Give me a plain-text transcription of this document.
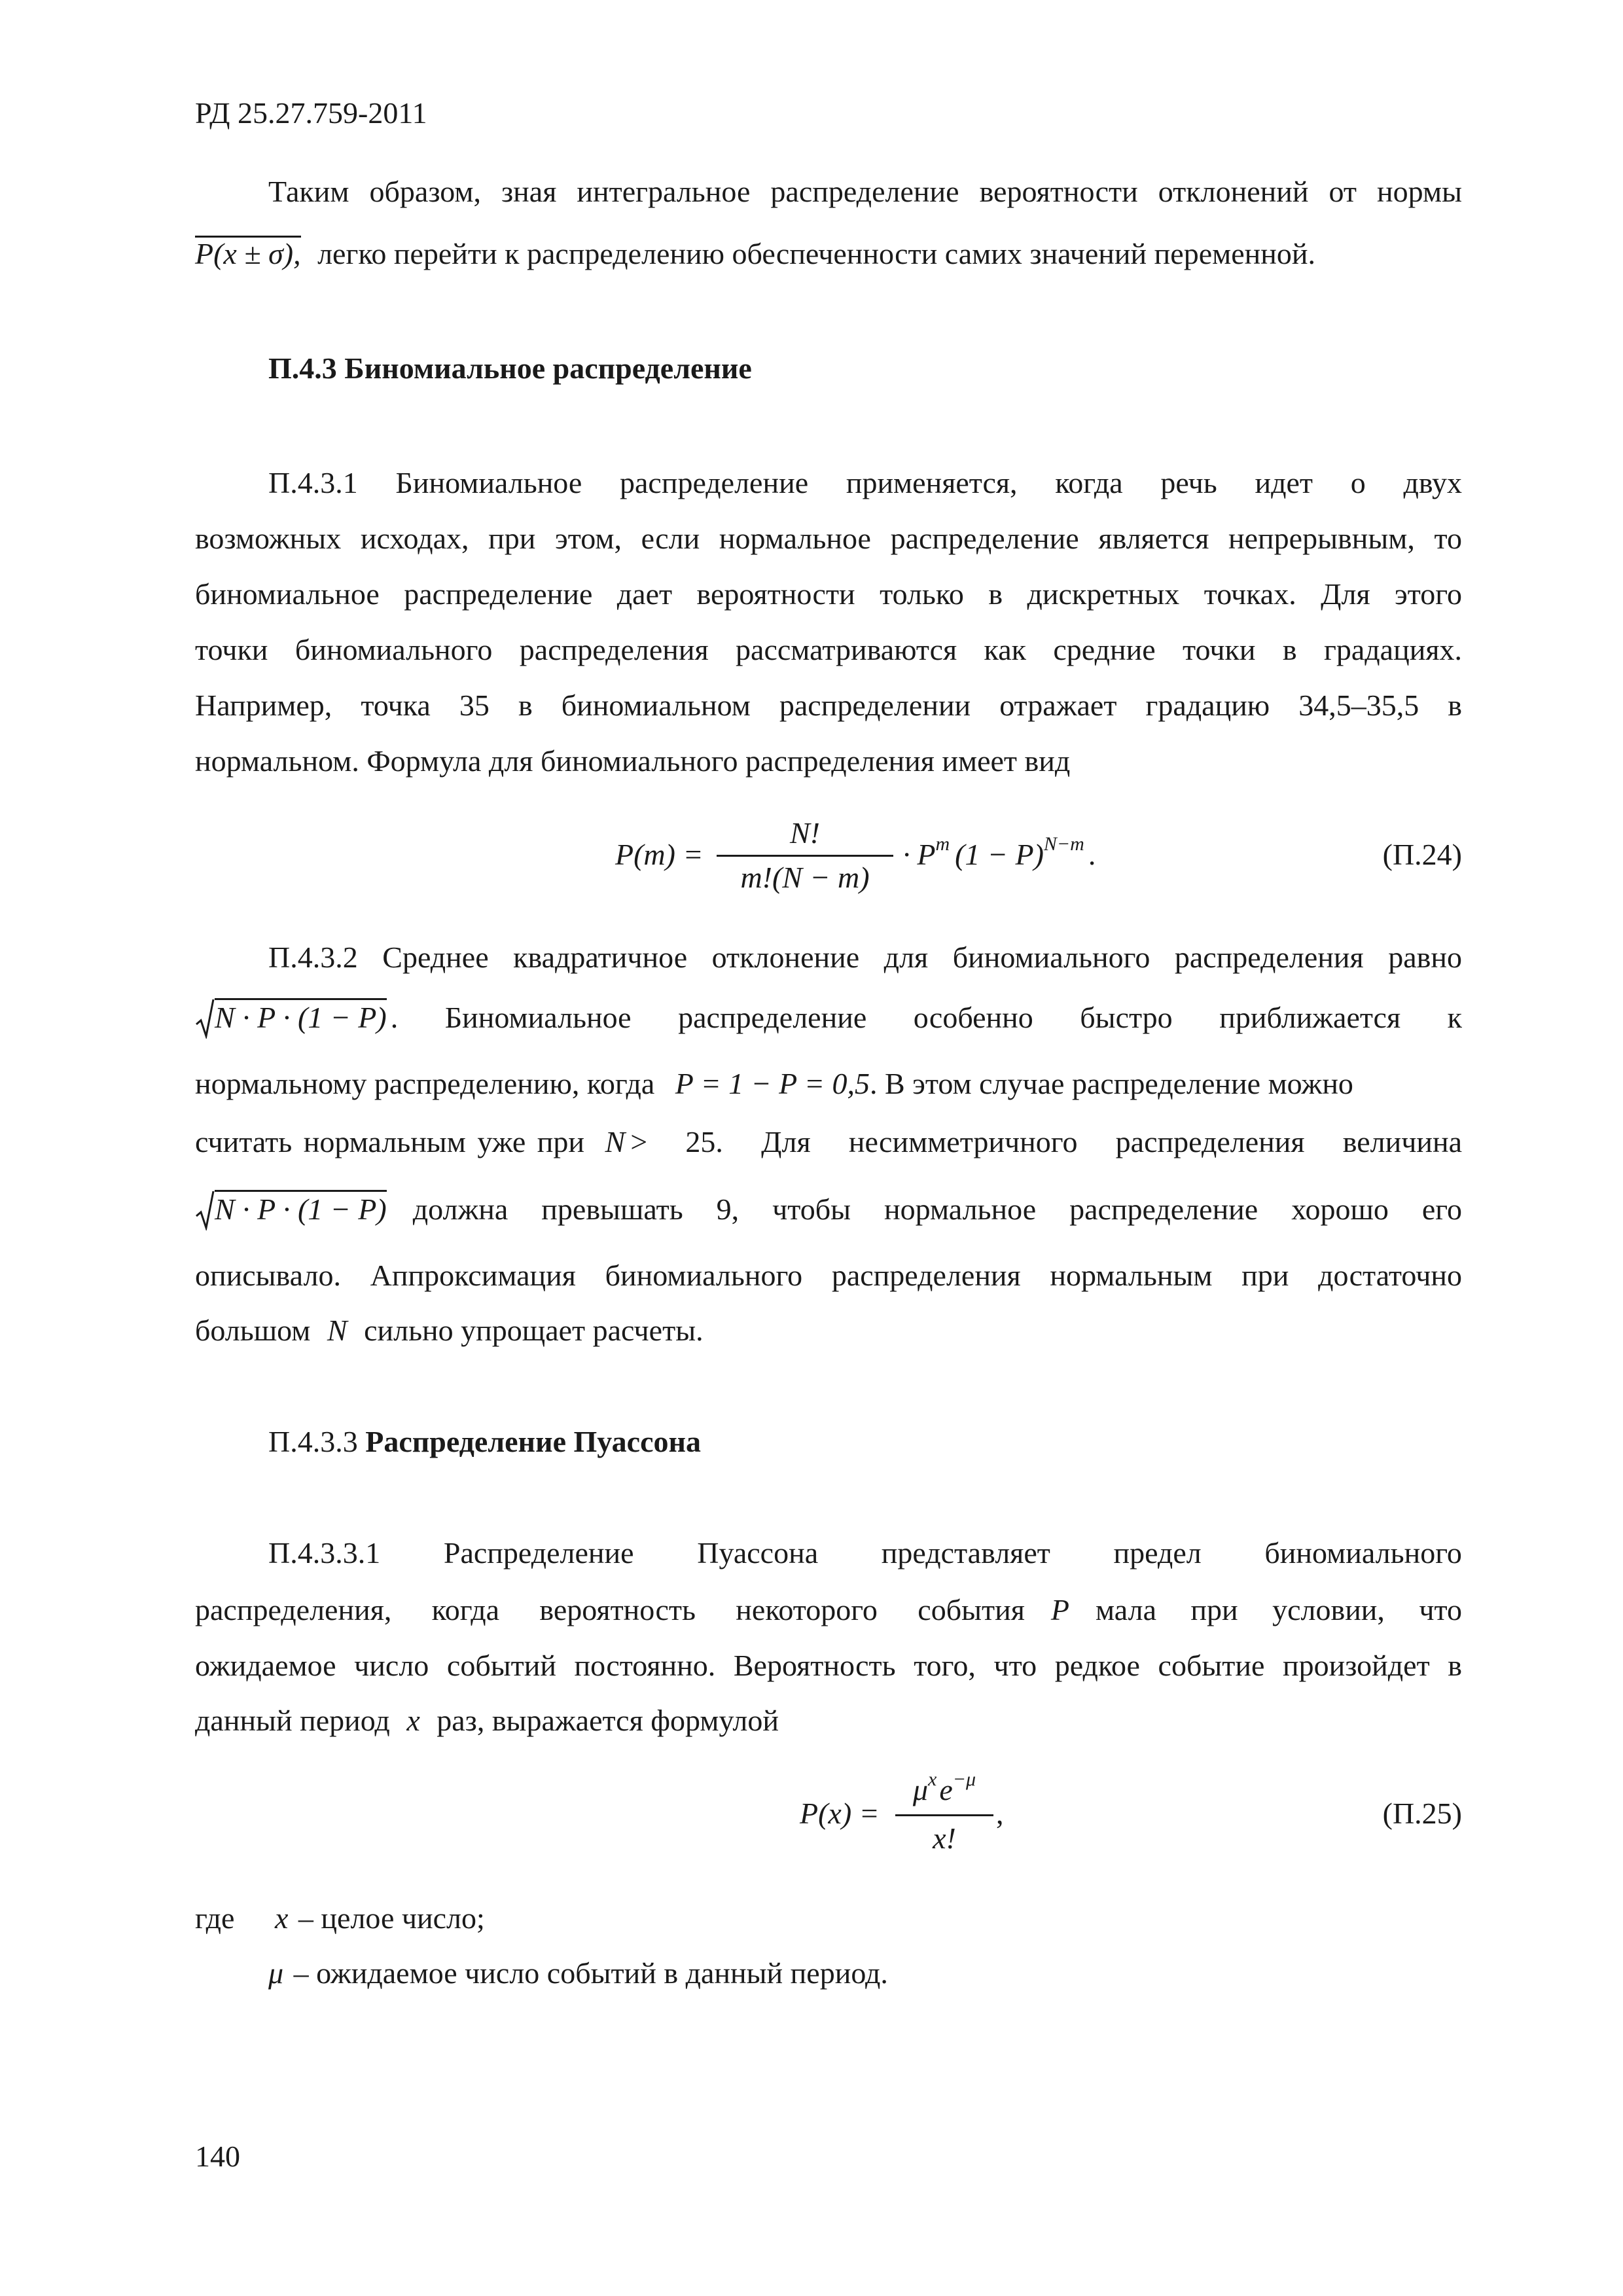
РД 25.27.759-2011
Таким образом, зная интегральное распределение вероятности отклонений от нормы
P(x ± σ), легко перейти к распределению обеспеченности самих значений переменной.
П.4.3 Биномиальное распределение
П.4.3.1 Биномиальное распределение применяется, когда речь идет о двух
возможных исходах, при этом, если нормальное распределение является непрерывным, то
биномиальное распределение дает вероятности только в дискретных точках. Для этого
точки биномиального распределения рассматриваются как средние точки в градациях.
Например, точка 35 в биномиальном распределении отражает градацию 34,5–35,5 в
нормальном. Формула для биномиального распределения имеет вид
P(m) =
N!
m!(N − m)
· $P^m$ $(1 - P)^{N-m}$ .	(П.24)
П.4.3.2 Среднее квадратичное отклонение для биномиального распределения равно
N · P · (1 − P) . Биномиальное распределение особенно быстро приближается к
нормальному распределению, когда P = 1 − P = 0,5. В этом случае распределение можно
считать нормальным уже при N > 25. Для несимметричного распределения величина
N · P · (1 − P) должна превышать 9, чтобы нормальное распределение хорошо его
описывало. Аппроксимация биномиального распределения нормальным при достаточно
большом N сильно упрощает расчеты.
П.4.3.3 Распределение Пуассона
П.4.3.3.1 Распределение Пуассона представляет предел биномиального
распределения, когда вероятность некоторого события P мала при условии, что
ожидаемое число событий постоянно. Вероятность того, что редкое событие произойдет в
данный период x раз, выражается формулой
P(x) =
$\mu^xe^{-\mu}$
x!
,	(П.25)
где x – целое число;
μ – ожидаемое число событий в данный период.
140
